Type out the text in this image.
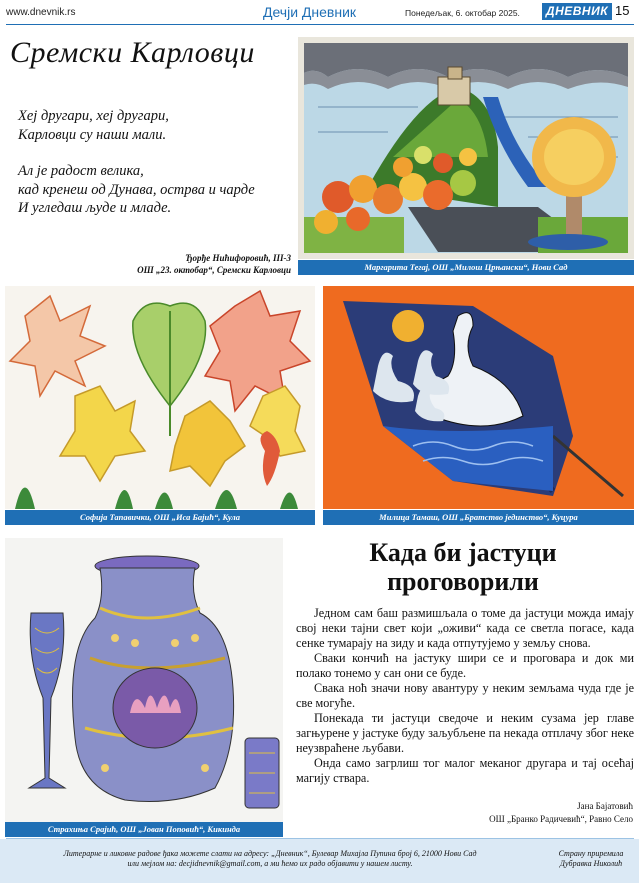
www.dnevnik.rs	Дечји Дневник	Понедељак, 6. октобар 2025.	ДНЕВНИК 15
Сремски Карловци
Хеј другари, хеј другари,
Карловци су наши мали.
Ал је радост велика,
кад кренеш од Дунава, острва и чарде
И угледаш људе и младе.
Ђорђе Нићифоровић, III-3
ОШ „23. октобар“, Сремски Карловци	Маргарита Тегај, ОШ „Милош Црњански“, Нови Сад
Софија Тапавички, ОШ „Иса Бајић“, Кула	Милица Тамаш, ОШ „Братство јединство“, Куцура
Страхиња Срајић, ОШ „Јован Поповић“, Кикинда
Када би јастуци
проговорили

Једном сам баш размишљала о томе да јастуци можда имају свој неки тајни свет који „оживи“ када се светла погасе, када сенке тумарају на зиду и када отпутујемо у земљу снова.

Сваки кончић на јастуку шири се и проговара и док ми полако тонемо у сан они се буде.

Свака ноћ значи нову авантуру у неким земљама чуда где је све могуће.

Понекада ти јастуци сведоче и неким сузама јер главе загњурене у јастуке буду заљубљене па некада отплачу због неке неузвраћене љубави.

Онда само загрлиш тог малог меканог другара и тај осећај магију ствара.

Јана Бајатовић
ОШ „Бранко Радичевић“, Равно Село
Литерарне и ликовне радове ђака можете слати на адресу: „Дневник“, Булевар Михајла Пупина број 6, 21000 Нови Сад
или мејлом на: decjidnevnik@gmail.com, а ми ћемо их радо објавити у нашем листу.
Страну приремила
Дубравка Николић
